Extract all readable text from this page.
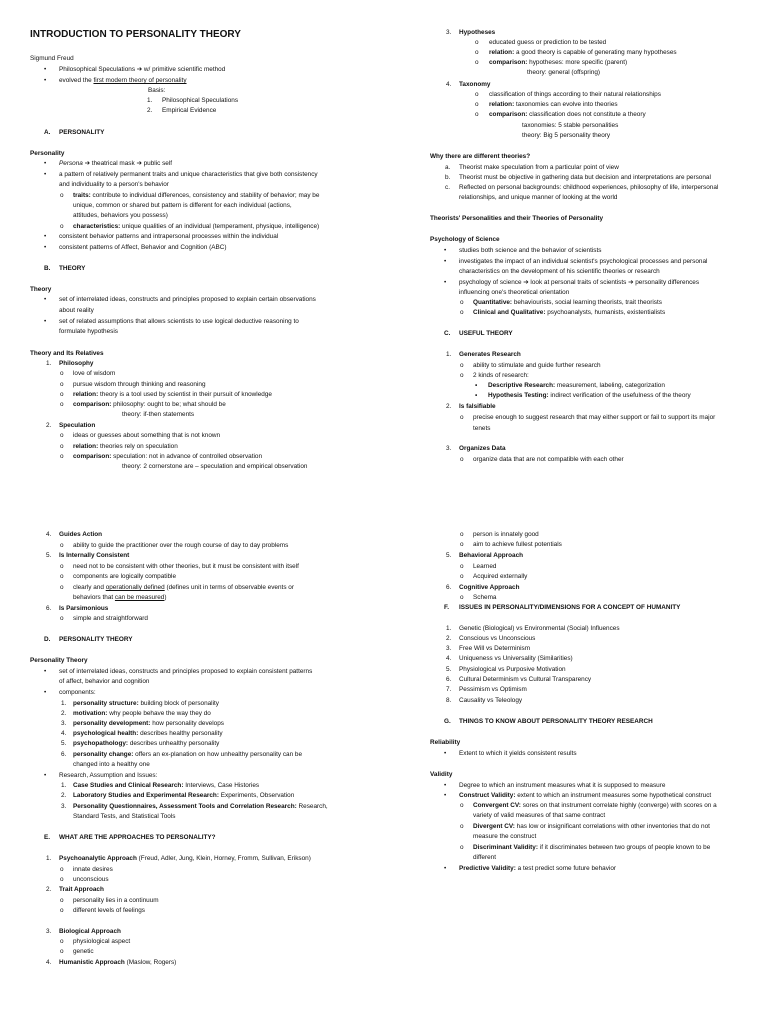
INTRODUCTION TO PERSONALITY THEORY
Sigmund Freud
• Philosophical Speculations ➔ w/ primitive scientific method
• evolved the first modern theory of personality
Basis:
1. Philosophical Speculations
2. Empirical Evidence
A. PERSONALITY
Personality
• Persona ➔ theatrical mask ➔ public self
• a pattern of relatively permanent traits and unique characteristics that give both consistency
and individuality to a person's behavior
o traits: contribute to individual differences, consistency and stability of behavior; may be
unique, common or shared but pattern is different for each individual (actions,
attitudes, behaviors you possess)
o characteristics: unique qualities of an individual (temperament, physique, intelligence)
• consistent behavior patterns and intrapersonal processes within the individual
• consistent patterns of Affect, Behavior and Cognition (ABC)
B. THEORY
Theory
• set of interrelated ideas, constructs and principles proposed to explain certain observations
about reality
• set of related assumptions that allows scientists to use logical deductive reasoning to
formulate hypothesis
Theory and Its Relatives
1. Philosophy
o love of wisdom
o pursue wisdom through thinking and reasoning
o relation: theory is a tool used by scientist in their pursuit of knowledge
o comparison: philosophy: ought to be; what should be
theory: if-then statements
2. Speculation
o ideas or guesses about something that is not known
o relation: theories rely on speculation
o comparison: speculation: not in advance of controlled observation
theory: 2 cornerstone are – speculation and empirical observation
3. Hypotheses
o educated guess or prediction to be tested
o relation: a good theory is capable of generating many hypotheses
o comparison: hypotheses: more specific (parent)
theory: general (offspring)
4. Taxonomy
o classification of things according to their natural relationships
o relation: taxonomies can evolve into theories
o comparison: classification does not constitute a theory
taxonomies: 5 stable personalities
theory: Big 5 personality theory
Why there are different theories?
a. Theorist make speculation from a particular point of view
b. Theorist must be objective in gathering data but decision and interpretations are personal
c. Reflected on personal backgrounds: childhood experiences, philosophy of life, interpersonal
relationships, and unique manner of looking at the world
Theorists' Personalities and their Theories of Personality
Psychology of Science
• studies both science and the behavior of scientists
• investigates the impact of an individual scientist's psychological processes and personal
characteristics on the development of his scientific theories or research
• psychology of science ➔ look at personal traits of scientists ➔ personality differences
influencing one's theoretical orientation
o Quantitative: behaviourists, social learning theorists, trait theorists
o Clinical and Qualitative: psychoanalysts, humanists, existentialists
C. USEFUL THEORY
1. Generates Research
o ability to stimulate and guide further research
o 2 kinds of research:
▪ Descriptive Research: measurement, labeling, categorization
▪ Hypothesis Testing: indirect verification of the usefulness of the theory
2. Is falsifiable
o precise enough to suggest research that may either support or fail to support its major
tenets
3. Organizes Data
o organize data that are not compatible with each other
4. Guides Action
o ability to guide the practitioner over the rough course of day to day problems
5. Is Internally Consistent
o need not to be consistent with other theories, but it must be consistent with itself
o components are logically compatible
o clearly and operationally defined (defines unit in terms of observable events or
behaviors that can be measured)
6. Is Parsimonious
o simple and straightforward
D. PERSONALITY THEORY
Personality Theory
• set of interrelated ideas, constructs and principles proposed to explain consistent patterns
of affect, behavior and cognition
• components:
1. personality structure: building block of personality
2. motivation: why people behave the way they do
3. personality development: how personality develops
4. psychological health: describes healthy personality
5. psychopathology: describes unhealthy personality
6. personality change: offers an ex-planation on how unhealthy personality can be
changed into a healthy one
• Research, Assumption and Issues:
1. Case Studies and Clinical Research: Interviews, Case Histories
2. Laboratory Studies and Experimental Research: Experiments, Observation
3. Personality Questionnaires, Assessment Tools and Correlation Research: Research,
Standard Tests, and Statistical Tools
E. WHAT ARE THE APPROACHES TO PERSONALITY?
1. Psychoanalytic Approach (Freud, Adler, Jung, Klein, Horney, Fromm, Sullivan, Erikson)
o innate desires
o unconscious
2. Trait Approach
o personality lies in a continuum
o different levels of feelings
3. Biological Approach
o physiological aspect
o genetic
4. Humanistic Approach (Maslow, Rogers)
o person is innately good
o aim to achieve fullest potentials
5. Behavioral Approach
o Learned
o Acquired externally
6. Cognitive Approach
o Schema
F. ISSUES IN PERSONALITY/DIMENSIONS FOR A CONCEPT OF HUMANITY
1. Genetic (Biological) vs Environmental (Social) Influences
2. Conscious vs Unconscious
3. Free Will vs Determinism
4. Uniqueness vs Universality (Similarities)
5. Physiological vs Purposive Motivation
6. Cultural Determinism vs Cultural Transparency
7. Pessimism vs Optimism
8. Causality vs Teleology
G. THINGS TO KNOW ABOUT PERSONALITY THEORY RESEARCH
Reliability
• Extent to which it yields consistent results
Validity
• Degree to which an instrument measures what it is supposed to measure
• Construct Validity: extent to which an instrument measures some hypothetical construct
o Convergent CV: sores on that instrument correlate highly (converge) with scores on a
variety of valid measures of that same contract
o Divergent CV: has low or insignificant correlations with other inventories that do not
measure the construct
o Discriminant Validity: if it discriminates between two groups of people known to be
different
• Predictive Validity: a test predict some future behavior
